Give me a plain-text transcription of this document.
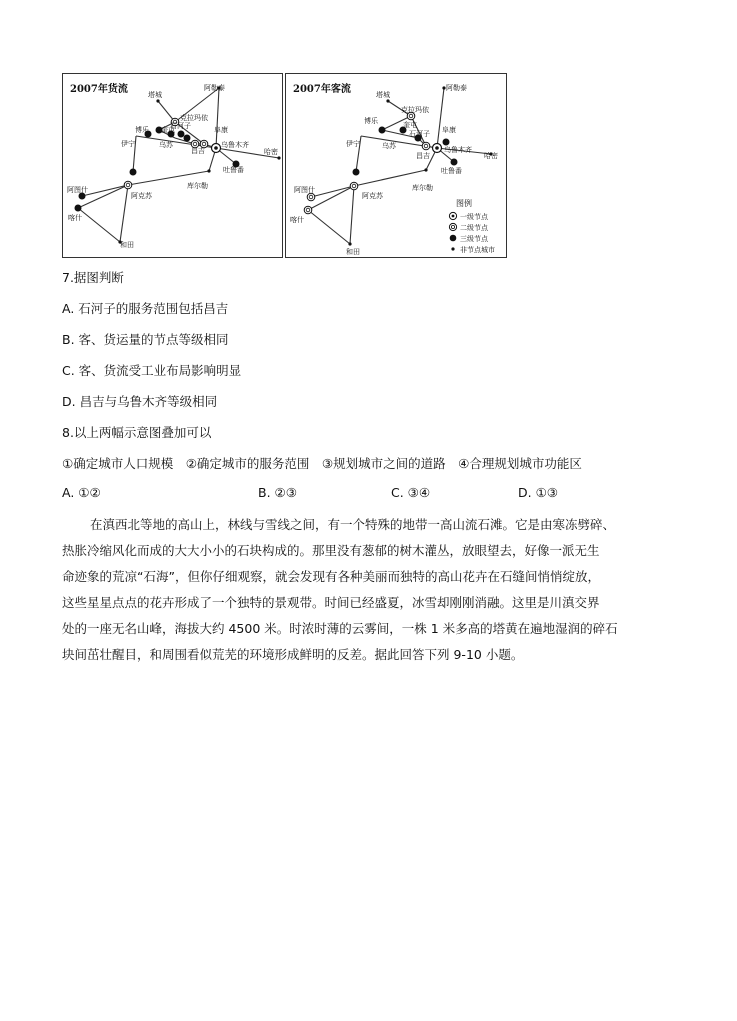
2007年货流	阿勒泰
塔城
克拉玛依
博乐 奎屯
石河子	阜康
伊宁	乌苏
昌吉
乌鲁木齐
哈密
吐鲁番
库尔勒
阿图什
阿克苏
喀什
和田
2007年客流	阿勒泰
塔城
克拉玛依
博乐	奎屯
石河子 阜康
伊宁	乌苏
昌吉
乌鲁木齐
哈密
吐鲁番
库尔勒
阿图什
阿克苏
喀什
和田
图例
一级节点
二级节点
三级节点
非节点城市
7.据图判断
A. 石河子的服务范围包括昌吉
B. 客、货运量的节点等级相同
C. 客、货流受工业布局影响明显
D. 昌吉与乌鲁木齐等级相同
8.以上两幅示意图叠加可以
①确定城市人口规模　②确定城市的服务范围　③规划城市之间的道路　④合理规划城市功能区
A. ①②	B. ②③	C. ③④	D. ①③
在滇西北等地的高山上，林线与雪线之间，有一个特殊的地带一高山流石滩。它是由寒冻劈碎、
热胀冷缩风化而成的大大小小的石块构成的。那里没有葱郁的树木灌丛，放眼望去，好像一派无生
命迹象的荒凉“石海”，但你仔细观察，就会发现有各种美丽而独特的高山花卉在石缝间悄悄绽放，
这些星星点点的花卉形成了一个独特的景观带。时间已经盛夏，冰雪却刚刚消融。这里是川滇交界
处的一座无名山峰，海拔大约 4500 米。时浓时薄的云雾间，一株 1 米多高的塔黄在遍地湿润的碎石
块间茁壮醒目，和周围看似荒芜的环境形成鲜明的反差。据此回答下列 9-10 小题。
